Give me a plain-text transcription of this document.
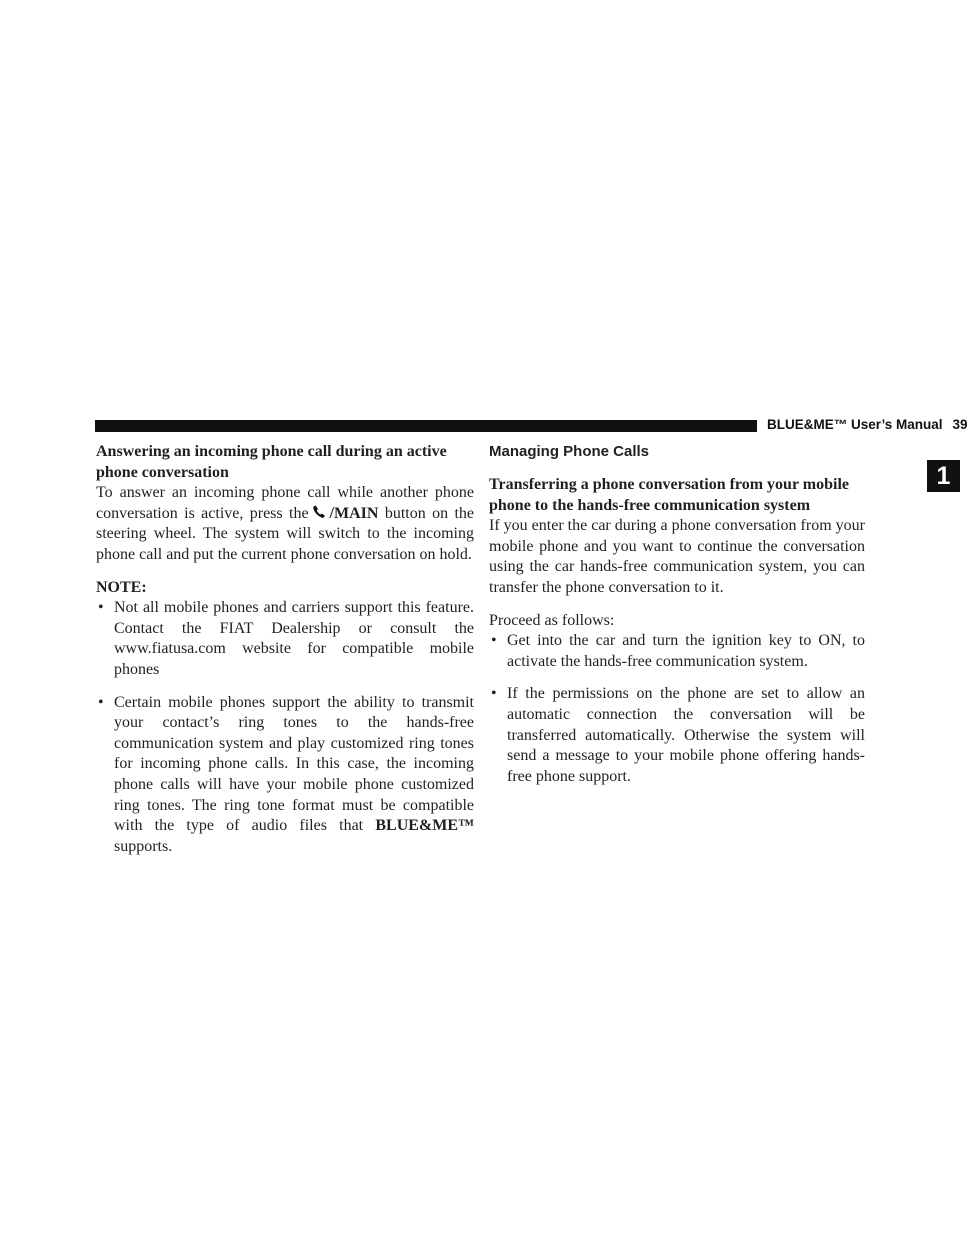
BLUE&ME™ User’s Manual 39
1

Answering an incoming phone call during an active phone conversation

To answer an incoming phone call while another phone conversation is active, press the /MAIN button on the steering wheel. The system will switch to the incoming phone call and put the current phone conversation on hold.

NOTE:

• Not all mobile phones and carriers support this feature. Contact the FIAT Dealership or consult the www.fiatusa.com website for compatible mobile phones
• Certain mobile phones support the ability to transmit your contact’s ring tones to the hands-free communication system and play customized ring tones for incoming phone calls. In this case, the incoming phone calls will have your mobile phone customized ring tones. The ring tone format must be compatible with the type of audio files that BLUE&ME™ supports.
Managing Phone Calls

Transferring a phone conversation from your mobile phone to the hands-free communication system

If you enter the car during a phone conversation from your mobile phone and you want to continue the conversation using the car hands-free communication system, you can transfer the phone conversation to it.

Proceed as follows:

• Get into the car and turn the ignition key to ON, to activate the hands-free communication system.
• If the permissions on the phone are set to allow an automatic connection the conversation will be transferred automatically. Otherwise the system will send a message to your mobile phone offering hands-free phone support.
